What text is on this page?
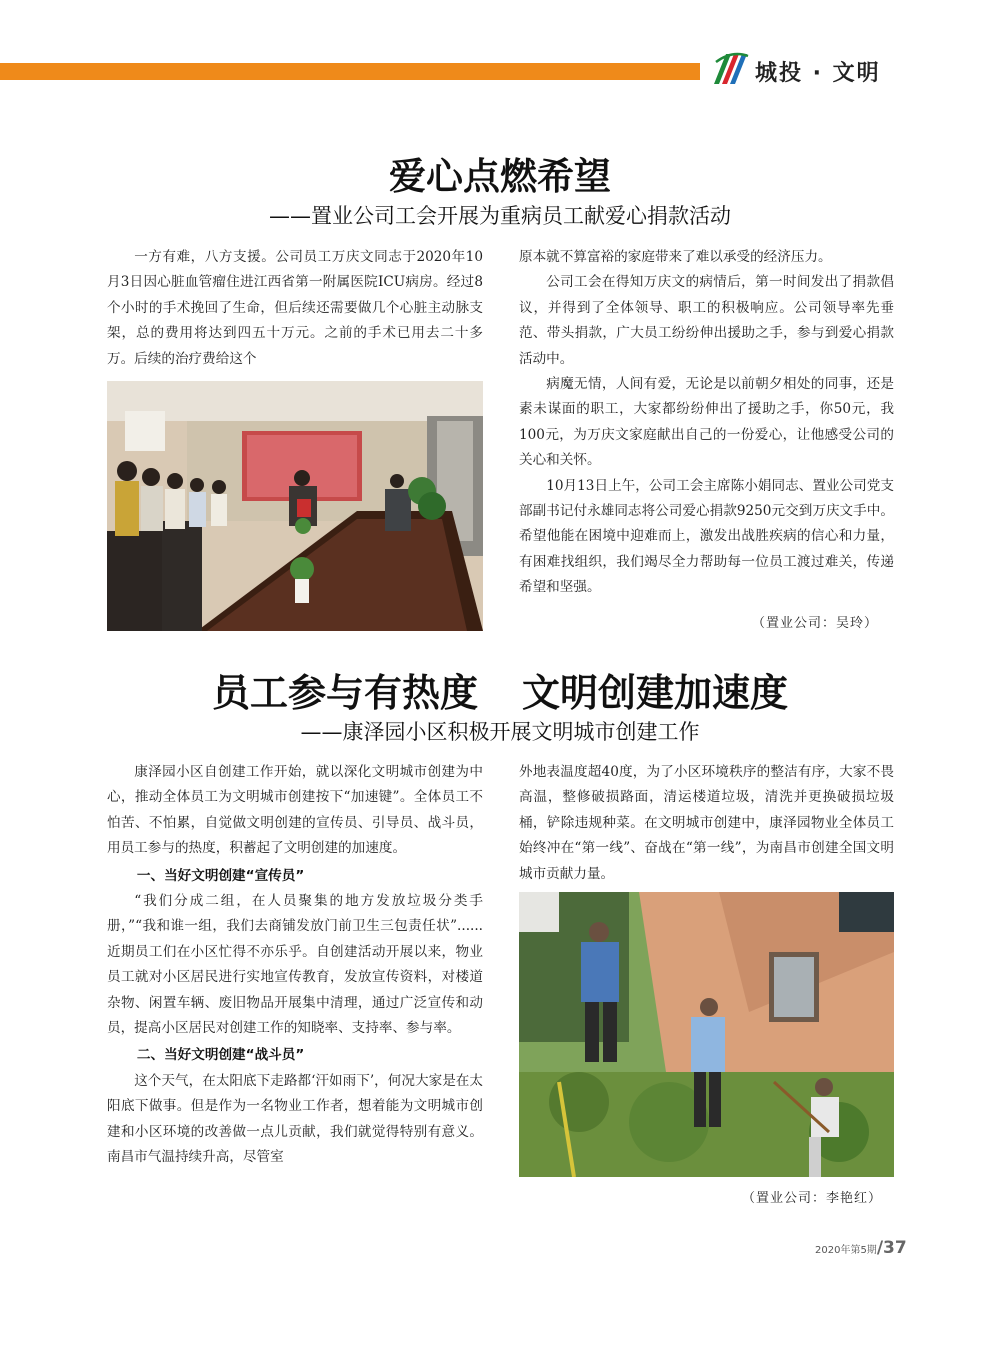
城投 · 文明
爱心点燃希望
——置业公司工会开展为重病员工献爱心捐款活动

一方有难，八方支援。公司员工万庆文同志于2020年10月3日因心脏血管瘤住进江西省第一附属医院ICU病房。经过8个小时的手术挽回了生命，但后续还需要做几个心脏主动脉支架，总的费用将达到四五十万元。之前的手术已用去二十多万。后续的治疗费给这个

原本就不算富裕的家庭带来了难以承受的经济压力。

公司工会在得知万庆文的病情后，第一时间发出了捐款倡议，并得到了全体领导、职工的积极响应。公司领导率先垂范、带头捐款，广大员工纷纷伸出援助之手，参与到爱心捐款活动中。

病魔无情，人间有爱，无论是以前朝夕相处的同事，还是素未谋面的职工，大家都纷纷伸出了援助之手，你50元，我100元，为万庆文家庭献出自己的一份爱心，让他感受公司的关心和关怀。

10月13日上午，公司工会主席陈小娟同志、置业公司党支部副书记付永雄同志将公司爱心捐款9250元交到万庆文手中。希望他能在困境中迎难而上，激发出战胜疾病的信心和力量，有困难找组织，我们竭尽全力帮助每一位员工渡过难关，传递希望和坚强。

（置业公司：吴玲）
员工参与有热度 文明创建加速度
——康泽园小区积极开展文明城市创建工作

康泽园小区自创建工作开始，就以深化文明城市创建为中心，推动全体员工为文明城市创建按下“加速键”。全体员工不怕苦、不怕累，自觉做文明创建的宣传员、引导员、战斗员，用员工参与的热度，积蓄起了文明创建的加速度。

一、当好文明创建“宣传员”

“我们分成二组，在人员聚集的地方发放垃圾分类手册，”“我和谁一组，我们去商铺发放门前卫生三包责任状”......近期员工们在小区忙得不亦乐乎。自创建活动开展以来，物业员工就对小区居民进行实地宣传教育，发放宣传资料，对楼道杂物、闲置车辆、废旧物品开展集中清理，通过广泛宣传和动员，提高小区居民对创建工作的知晓率、支持率、参与率。

二、当好文明创建“战斗员”

这个天气，在太阳底下走路都‘汗如雨下’，何况大家是在太阳底下做事。但是作为一名物业工作者，想着能为文明城市创建和小区环境的改善做一点儿贡献，我们就觉得特别有意义。南昌市气温持续升高，尽管室

外地表温度超40度，为了小区环境秩序的整洁有序，大家不畏高温，整修破损路面，清运楼道垃圾，清洗并更换破损垃圾桶，铲除违规种菜。在文明城市创建中，康泽园物业全体员工始终冲在“第一线”、奋战在“第一线”，为南昌市创建全国文明城市贡献力量。

（置业公司：李艳红）
2020年第5期/37
